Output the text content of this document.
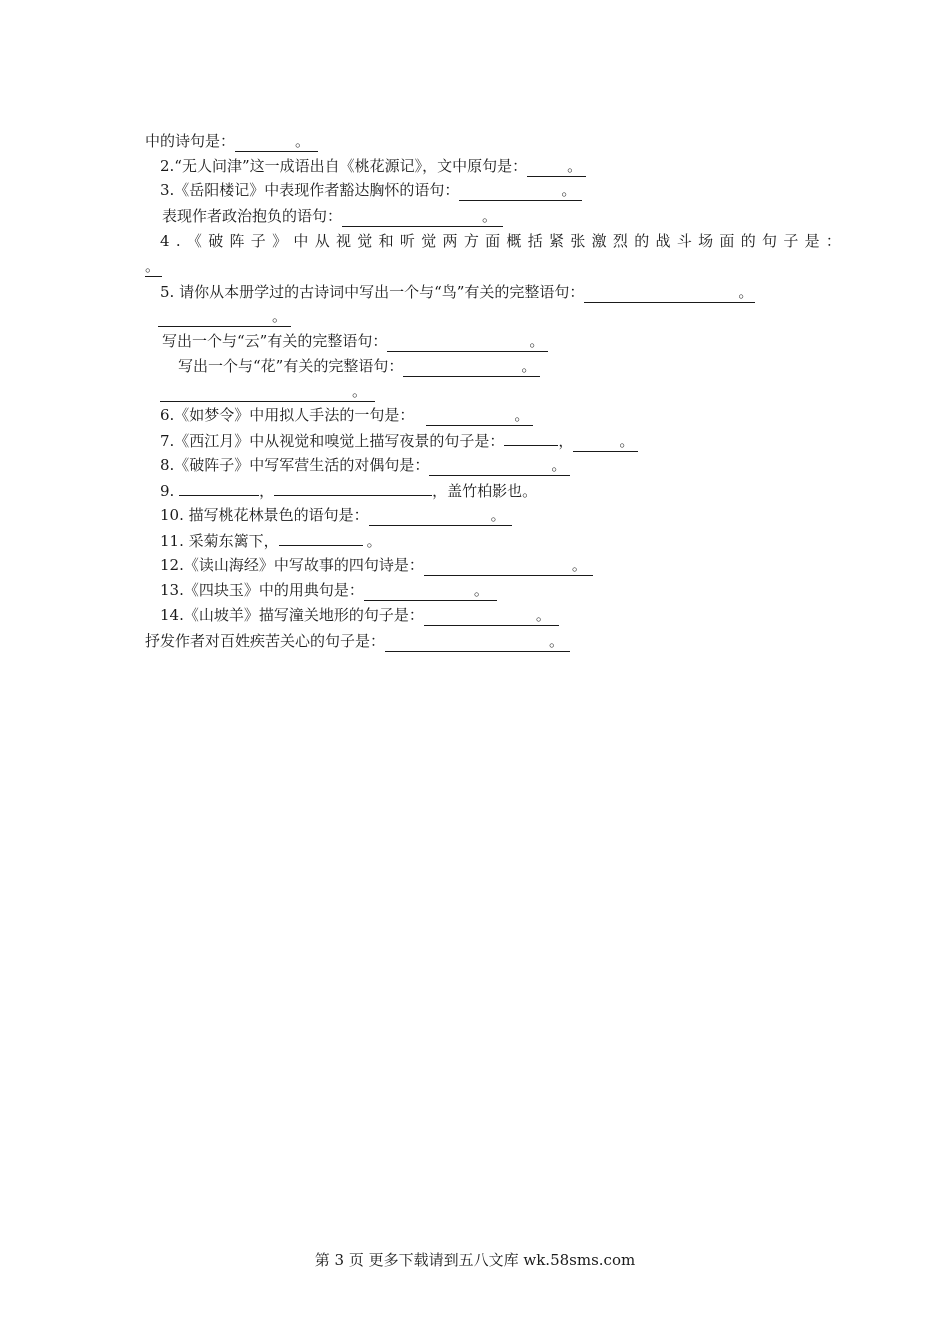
中的诗句是：	。
2.“无人问津”这一成语出自《桃花源记》，文中原句是：	。
3.《岳阳楼记》中表现作者豁达胸怀的语句：	。
表现作者政治抱负的语句：	。
4.《破阵子》中从视觉和听觉两方面概括紧张激烈的战斗场面的句子是：
。
5. 请你从本册学过的古诗词中写出一个与“鸟”有关的完整语句：	。
。
写出一个与“云”有关的完整语句：	。
写出一个与“花”有关的完整语句：	。
。
6.《如梦令》中用拟人手法的一句是：	。
7.《西江月》中从视觉和嗅觉上描写夜景的句子是：	，	。
8.《破阵子》中写军营生活的对偶句是：	。
9.	，	，盖竹柏影也。
10. 描写桃花林景色的语句是：	。
11. 采菊东篱下，	。
12.《读山海经》中写故事的四句诗是：	。
13.《四块玉》中的用典句是：	。
14.《山坡羊》描写潼关地形的句子是：	。
抒发作者对百姓疾苦关心的句子是：	。
第 3 页 更多下载请到五八文库 wk.58sms.com
